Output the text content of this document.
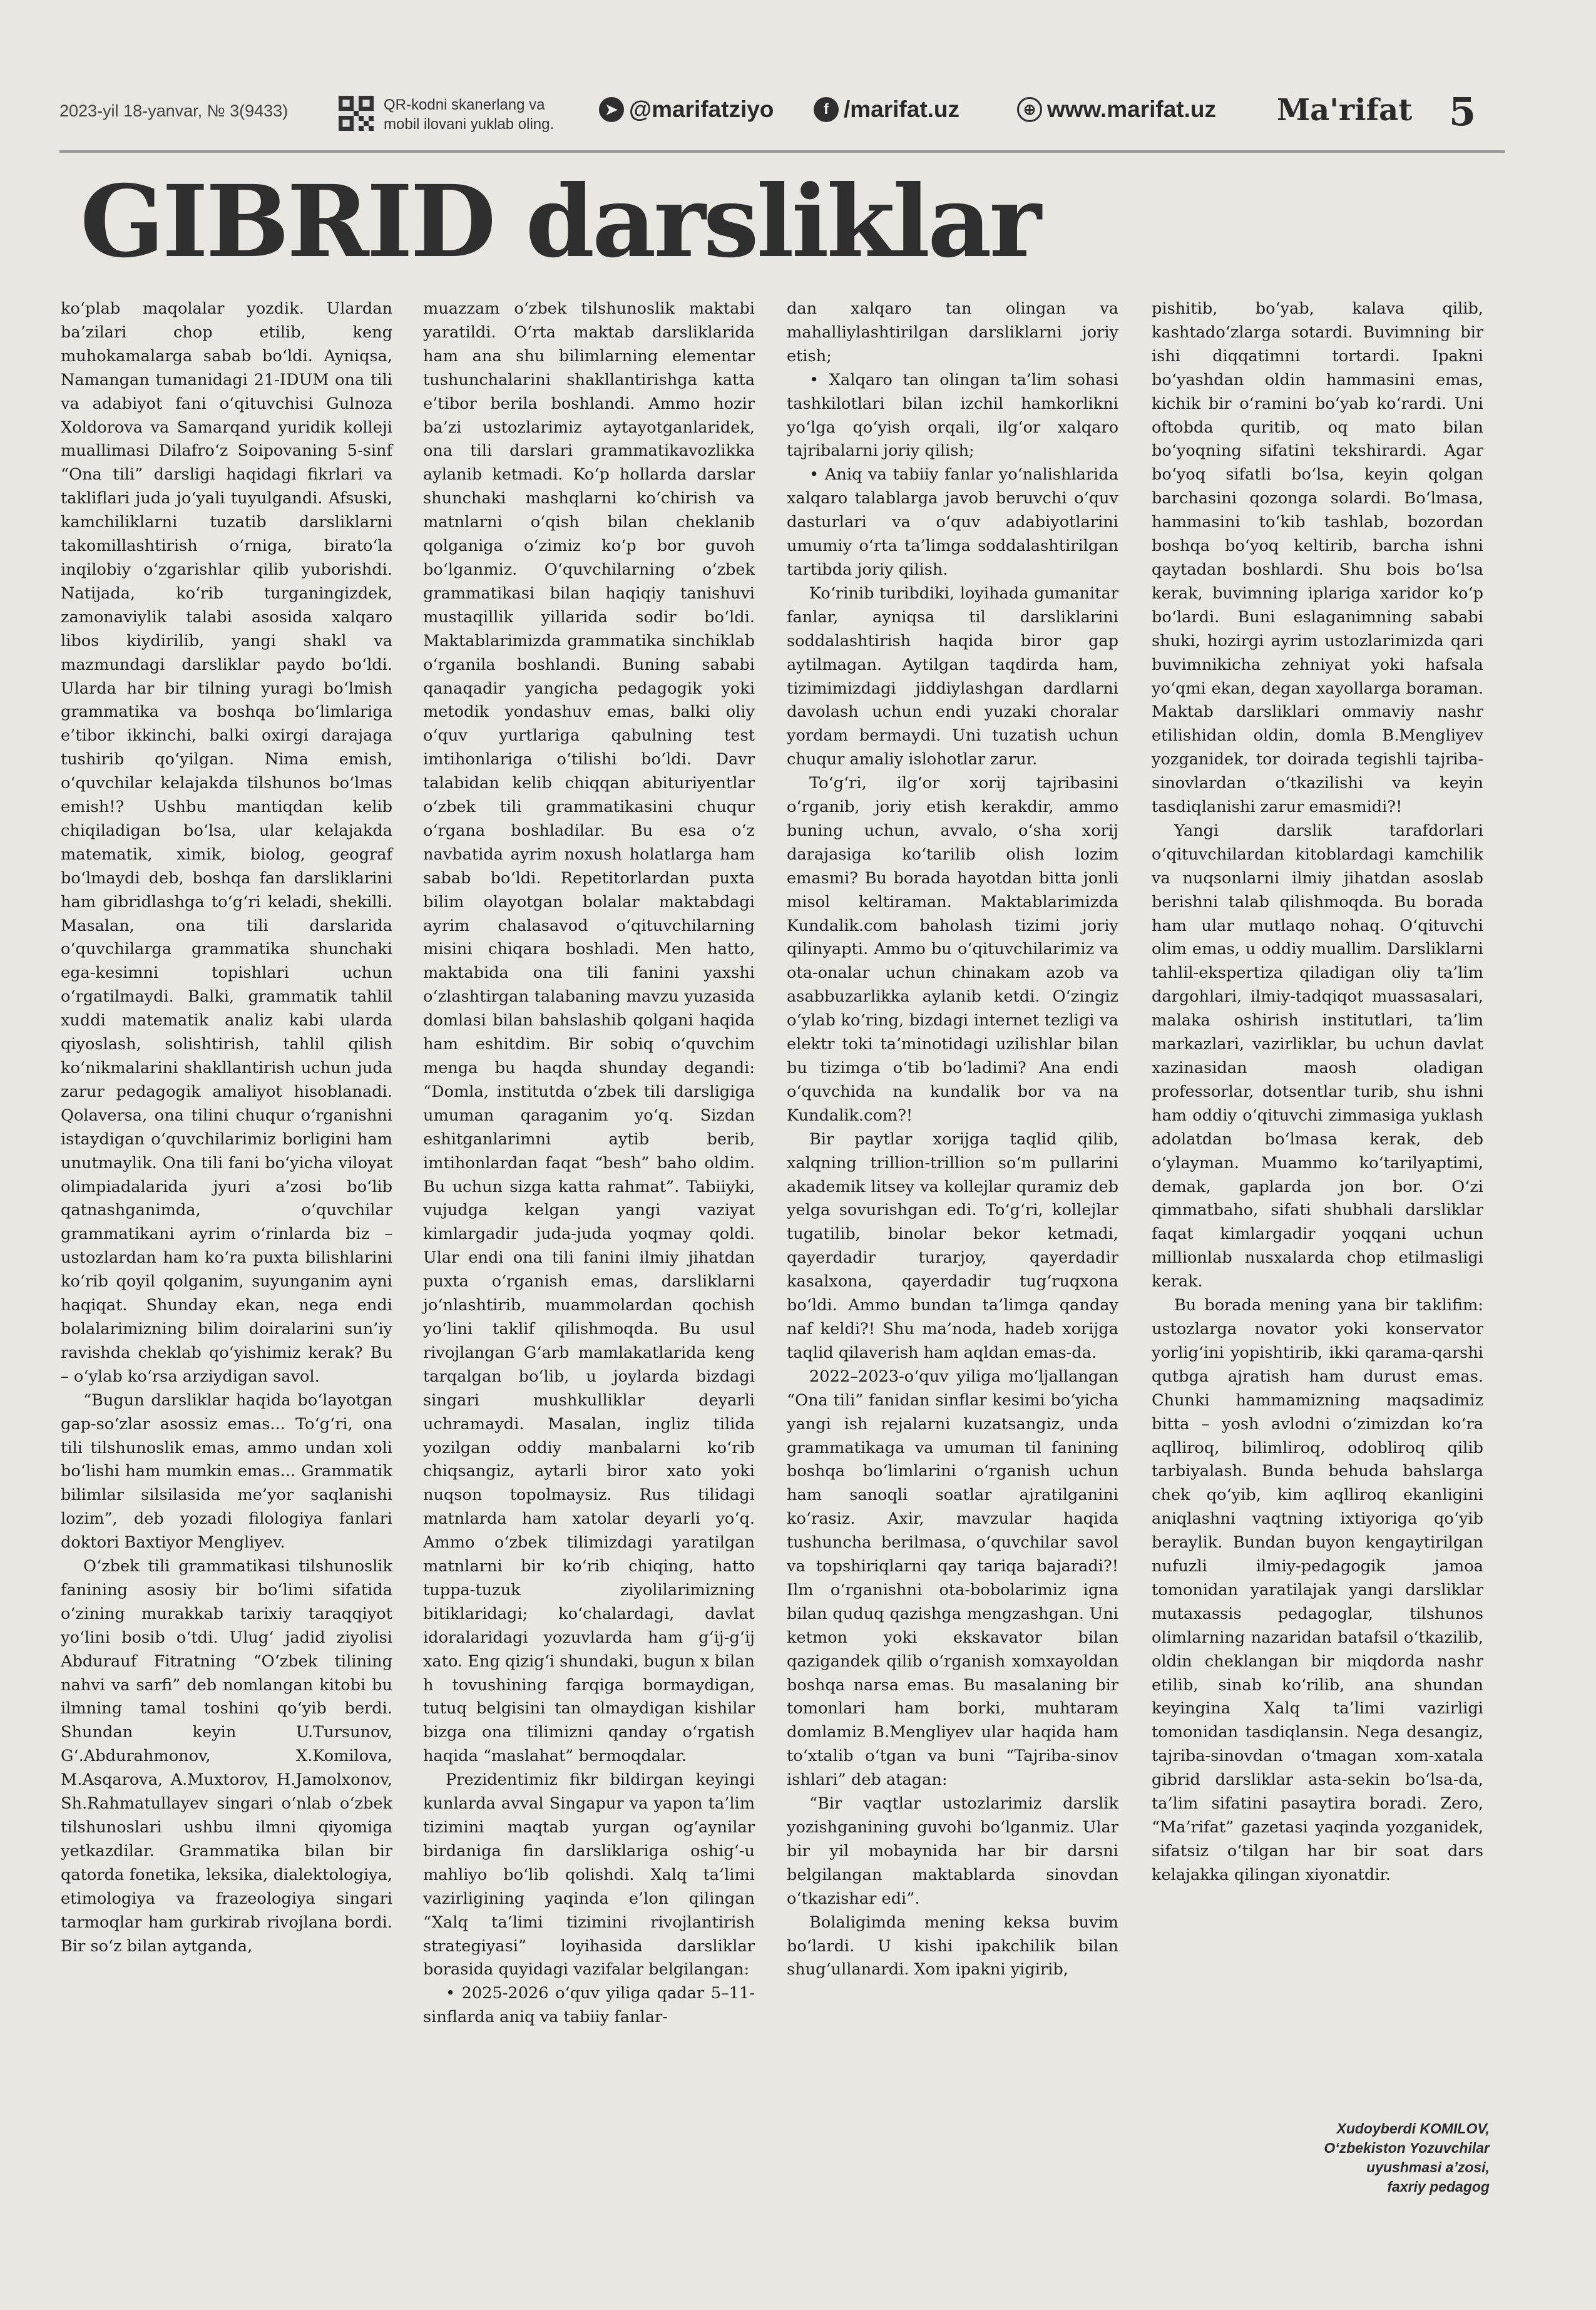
2023-yil 18-yanvar, № 3(9433)	QR-kodni skanerlang va
mobil ilovani yuklab oling.
➤ @marifatziyo	f /marifat.uz	⊕ www.marifat.uz Ma'rifat 5
GIBRID darsliklar

ko‘plab maqolalar yozdik. Ulardan ba’zilari chop etilib, keng muhokamalarga sabab bo‘ldi. Ayniqsa, Namangan tumanidagi 21-IDUM ona tili va adabiyot fani o‘qituvchisi Gulnoza Xoldorova va Samarqand yuridik kolleji muallimasi Dilafro‘z Soipovaning 5-sinf “Ona tili” darsligi haqidagi fikrlari va takliflari juda jo‘yali tuyulgandi. Afsuski, kamchiliklarni tuzatib darsliklarni takomillashtirish o‘rniga, birato‘la inqilobiy o‘zgarishlar qilib yuborishdi. Natijada, ko‘rib turganingizdek, zamonaviylik talabi asosida xalqaro libos kiydirilib, yangi shakl va mazmundagi darsliklar paydo bo‘ldi. Ularda har bir tilning yuragi bo‘lmish grammatika va boshqa bo‘limlariga e’tibor ikkinchi, balki oxirgi darajaga tushirib qo‘yilgan. Nima emish, o‘quvchilar kelajakda tilshunos bo‘lmas emish!? Ushbu mantiqdan kelib chiqiladigan bo‘lsa, ular kelajakda matematik, ximik, biolog, geograf bo‘lmaydi deb, boshqa fan darsliklarini ham gibridlashga to‘g‘ri keladi, shekilli. Masalan, ona tili darslarida o‘quvchilarga grammatika shunchaki ega-kesimni topishlari uchun o‘rgatilmaydi. Balki, grammatik tahlil xuddi matematik analiz kabi ularda qiyoslash, solishtirish, tahlil qilish ko‘nikmalarini shakllantirish uchun juda zarur pedagogik amaliyot hisoblanadi. Qolaversa, ona tilini chuqur o‘rganishni istaydigan o‘quvchilarimiz borligini ham unutmaylik. Ona tili fani bo‘yicha viloyat olimpiadalarida jyuri a’zosi bo‘lib qatnashganimda, o‘quvchilar grammatikani ayrim o‘rinlarda biz – ustozlardan ham ko‘ra puxta bilishlarini ko‘rib qoyil qolganim, suyunganim ayni haqiqat. Shunday ekan, nega endi bolalarimizning bilim doiralarini sun’iy ravishda cheklab qo‘yishimiz kerak? Bu – o‘ylab ko‘rsa arziydigan savol.

“Bugun darsliklar haqida bo‘layotgan gap-so‘zlar asossiz emas... To‘g‘ri, ona tili tilshunoslik emas, ammo undan xoli bo‘lishi ham mumkin emas... Grammatik bilimlar silsilasida me’yor saqlanishi lozim”, deb yozadi filologiya fanlari doktori Baxtiyor Mengliyev.

O‘zbek tili grammatikasi tilshunoslik fanining asosiy bir bo‘limi sifatida o‘zining murakkab tarixiy taraqqiyot yo‘lini bosib o‘tdi. Ulug‘ jadid ziyolisi Abdurauf Fitratning “O‘zbek tilining nahvi va sarfi” deb nomlangan kitobi bu ilmning tamal toshini qo‘yib berdi. Shundan keyin U.Tursunov, G‘.Abdurahmonov, X.Komilova, M.Asqarova, A.Muxtorov, H.Jamolxonov, Sh.Rahmatullayev singari o‘nlab o‘zbek tilshunoslari ushbu ilmni qiyomiga yetkazdilar. Grammatika bilan bir qatorda fonetika, leksika, dialektologiya, etimologiya va frazeologiya singari tarmoqlar ham gurkirab rivojlana bordi. Bir so‘z bilan aytganda,

muazzam o‘zbek tilshunoslik maktabi yaratildi. O‘rta maktab darsliklarida ham ana shu bilimlarning elementar tushunchalarini shakllantirishga katta e’tibor berila boshlandi. Ammo hozir ba’zi ustozlarimiz aytayotganlaridek, ona tili darslari grammatikavozlikka aylanib ketmadi. Ko‘p hollarda darslar shunchaki mashqlarni ko‘chirish va matnlarni o‘qish bilan cheklanib qolganiga o‘zimiz ko‘p bor guvoh bo‘lganmiz. O‘quvchilarning o‘zbek grammatikasi bilan haqiqiy tanishuvi mustaqillik yillarida sodir bo‘ldi. Maktablarimizda grammatika sinchiklab o‘rganila boshlandi. Buning sababi qanaqadir yangicha pedagogik yoki metodik yondashuv emas, balki oliy o‘quv yurtlariga qabulning test imtihonlariga o‘tilishi bo‘ldi. Davr talabidan kelib chiqqan abituriyentlar o‘zbek tili grammatikasini chuqur o‘rgana boshladilar. Bu esa o‘z navbatida ayrim noxush holatlarga ham sabab bo‘ldi. Repetitorlardan puxta bilim olayotgan bolalar maktabdagi ayrim chalasavod o‘qituvchilarning misini chiqara boshladi. Men hatto, maktabida ona tili fanini yaxshi o‘zlashtirgan talabaning mavzu yuzasida domlasi bilan bahslashib qolgani haqida ham eshitdim. Bir sobiq o‘quvchim menga bu haqda shunday degandi: “Domla, institutda o‘zbek tili darsligiga umuman qaraganim yo‘q. Sizdan eshitganlarimni aytib berib, imtihonlardan faqat “besh” baho oldim. Bu uchun sizga katta rahmat”. Tabiiyki, vujudga kelgan yangi vaziyat kimlargadir juda-juda yoqmay qoldi. Ular endi ona tili fanini ilmiy jihatdan puxta o‘rganish emas, darsliklarni jo‘nlashtirib, muammolardan qochish yo‘lini taklif qilishmoqda. Bu usul rivojlangan G‘arb mamlakatlarida keng tarqalgan bo‘lib, u joylarda bizdagi singari mushkulliklar deyarli uchramaydi. Masalan, ingliz tilida yozilgan oddiy manbalarni ko‘rib chiqsangiz, aytarli biror xato yoki nuqson topolmaysiz. Rus tilidagi matnlarda ham xatolar deyarli yo‘q. Ammo o‘zbek tilimizdagi yaratilgan matnlarni bir ko‘rib chiqing, hatto tuppa-tuzuk ziyolilarimizning bitiklaridagi; ko‘chalardagi, davlat idoralaridagi yozuvlarda ham g‘ij-g‘ij xato. Eng qizig‘i shundaki, bugun x bilan h tovushining farqiga bormaydigan, tutuq belgisini tan olmaydigan kishilar bizga ona tilimizni qanday o‘rgatish haqida “maslahat” bermoqdalar.

Prezidentimiz fikr bildirgan keyingi kunlarda avval Singapur va yapon ta’lim tizimini maqtab yurgan og‘aynilar birdaniga fin darsliklariga oshig‘-u mahliyo bo‘lib qolishdi. Xalq ta’limi vazirligining yaqinda e’lon qilingan “Xalq ta’limi tizimini rivojlantirish strategiyasi” loyihasida darsliklar borasida quyidagi vazifalar belgilangan:

• 2025-2026 o‘quv yiliga qadar 5–11-sinflarda aniq va tabiiy fanlar-

dan xalqaro tan olingan va mahalliylashtirilgan darsliklarni joriy etish;

• Xalqaro tan olingan ta’lim sohasi tashkilotlari bilan izchil hamkorlikni yo‘lga qo‘yish orqali, ilg‘or xalqaro tajribalarni joriy qilish;

• Aniq va tabiiy fanlar yo‘nalishlarida xalqaro talablarga javob beruvchi o‘quv dasturlari va o‘quv adabiyotlarini umumiy o‘rta ta’limga soddalashtirilgan tartibda joriy qilish.

Ko‘rinib turibdiki, loyihada gumanitar fanlar, ayniqsa til darsliklarini soddalashtirish haqida biror gap aytilmagan. Aytilgan taqdirda ham, tizimimizdagi jiddiylashgan dardlarni davolash uchun endi yuzaki choralar yordam bermaydi. Uni tuzatish uchun chuqur amaliy islohotlar zarur.

To‘g‘ri, ilg‘or xorij tajribasini o‘rganib, joriy etish kerakdir, ammo buning uchun, avvalo, o‘sha xorij darajasiga ko‘tarilib olish lozim emasmi? Bu borada hayotdan bitta jonli misol keltiraman. Maktablarimizda Kundalik.com baholash tizimi joriy qilinyapti. Ammo bu o‘qituvchilarimiz va ota-onalar uchun chinakam azob va asabbuzarlikka aylanib ketdi. O‘zingiz o‘ylab ko‘ring, bizdagi internet tezligi va elektr toki ta’minotidagi uzilishlar bilan bu tizimga o‘tib bo‘ladimi? Ana endi o‘quvchida na kundalik bor va na Kundalik.com?!

Bir paytlar xorijga taqlid qilib, xalqning trillion-trillion so‘m pullarini akademik litsey va kollejlar quramiz deb yelga sovurishgan edi. To‘g‘ri, kollejlar tugatilib, binolar bekor ketmadi, qayerdadir turarjoy, qayerdadir kasalxona, qayerdadir tug‘ruqxona bo‘ldi. Ammo bundan ta’limga qanday naf keldi?! Shu ma’noda, hadeb xorijga taqlid qilaverish ham aqldan emas-da.

2022–2023-o‘quv yiliga mo‘ljallangan “Ona tili” fanidan sinflar kesimi bo‘yicha yangi ish rejalarni kuzatsangiz, unda grammatikaga va umuman til fanining boshqa bo‘limlarini o‘rganish uchun ham sanoqli soatlar ajratilganini ko‘rasiz. Axir, mavzular haqida tushuncha berilmasa, o‘quvchilar savol va topshiriqlarni qay tariqa bajaradi?! Ilm o‘rganishni ota-bobolarimiz igna bilan quduq qazishga mengzashgan. Uni ketmon yoki ekskavator bilan qazigandek qilib o‘rganish xomxayoldan boshqa narsa emas. Bu masalaning bir tomonlari ham borki, muhtaram domlamiz B.Mengliyev ular haqida ham to‘xtalib o‘tgan va buni “Tajriba-sinov ishlari” deb atagan:

“Bir vaqtlar ustozlarimiz darslik yozishganining guvohi bo‘lganmiz. Ular bir yil mobaynida har bir darsni belgilangan maktablarda sinovdan o‘tkazishar edi”.

Bolaligimda mening keksa buvim bo‘lardi. U kishi ipakchilik bilan shug‘ullanardi. Xom ipakni yigirib,

pishitib, bo‘yab, kalava qilib, kashtado‘zlarga sotardi. Buvimning bir ishi diqqatimni tortardi. Ipakni bo‘yashdan oldin hammasini emas, kichik bir o‘ramini bo‘yab ko‘rardi. Uni oftobda quritib, oq mato bilan bo‘yoqning sifatini tekshirardi. Agar bo‘yoq sifatli bo‘lsa, keyin qolgan barchasini qozonga solardi. Bo‘lmasa, hammasini to‘kib tashlab, bozordan boshqa bo‘yoq keltirib, barcha ishni qaytadan boshlardi. Shu bois bo‘lsa kerak, buvimning iplariga xaridor ko‘p bo‘lardi. Buni eslaganimning sababi shuki, hozirgi ayrim ustozlarimizda qari buvimnikicha zehniyat yoki hafsala yo‘qmi ekan, degan xayollarga boraman. Maktab darsliklari ommaviy nashr etilishidan oldin, domla B.Mengliyev yozganidek, tor doirada tegishli tajriba-sinovlardan o‘tkazilishi va keyin tasdiqlanishi zarur emasmidi?!

Yangi darslik tarafdorlari o‘qituvchilardan kitoblardagi kamchilik va nuqsonlarni ilmiy jihatdan asoslab berishni talab qilishmoqda. Bu borada ham ular mutlaqo nohaq. O‘qituvchi olim emas, u oddiy muallim. Darsliklarni tahlil-ekspertiza qiladigan oliy ta’lim dargohlari, ilmiy-tadqiqot muassasalari, malaka oshirish institutlari, ta’lim markazlari, vazirliklar, bu uchun davlat xazinasidan maosh oladigan professorlar, dotsentlar turib, shu ishni ham oddiy o‘qituvchi zimmasiga yuklash adolatdan bo‘lmasa kerak, deb o‘ylayman. Muammo ko‘tarilyaptimi, demak, gaplarda jon bor. O‘zi qimmatbaho, sifati shubhali darsliklar faqat kimlargadir yoqqani uchun millionlab nusxalarda chop etilmasligi kerak.

Bu borada mening yana bir taklifim: ustozlarga novator yoki konservator yorlig‘ini yopishtirib, ikki qarama-qarshi qutbga ajratish ham durust emas. Chunki hammamizning maqsadimiz bitta – yosh avlodni o‘zimizdan ko‘ra aqlliroq, bilimliroq, odobliroq qilib tarbiyalash. Bunda behuda bahslarga chek qo‘yib, kim aqlliroq ekanligini aniqlashni vaqtning ixtiyoriga qo‘yib beraylik. Bundan buyon kengaytirilgan nufuzli ilmiy-pedagogik jamoa tomonidan yaratilajak yangi darsliklar mutaxassis pedagoglar, tilshunos olimlarning nazaridan batafsil o‘tkazilib, oldin cheklangan bir miqdorda nashr etilib, sinab ko‘rilib, ana shundan keyingina Xalq ta’limi vazirligi tomonidan tasdiqlansin. Nega desangiz, tajriba-sinovdan o‘tmagan xom-xatala gibrid darsliklar asta-sekin bo‘lsa-da, ta’lim sifatini pasaytira boradi. Zero, “Ma’rifat” gazetasi yaqinda yozganidek, sifatsiz o‘tilgan har bir soat dars kelajakka qilingan xiyonatdir.

Xudoyberdi KOMILOV,
O‘zbekiston Yozuvchilar
uyushmasi a’zosi,
faxriy pedagog
